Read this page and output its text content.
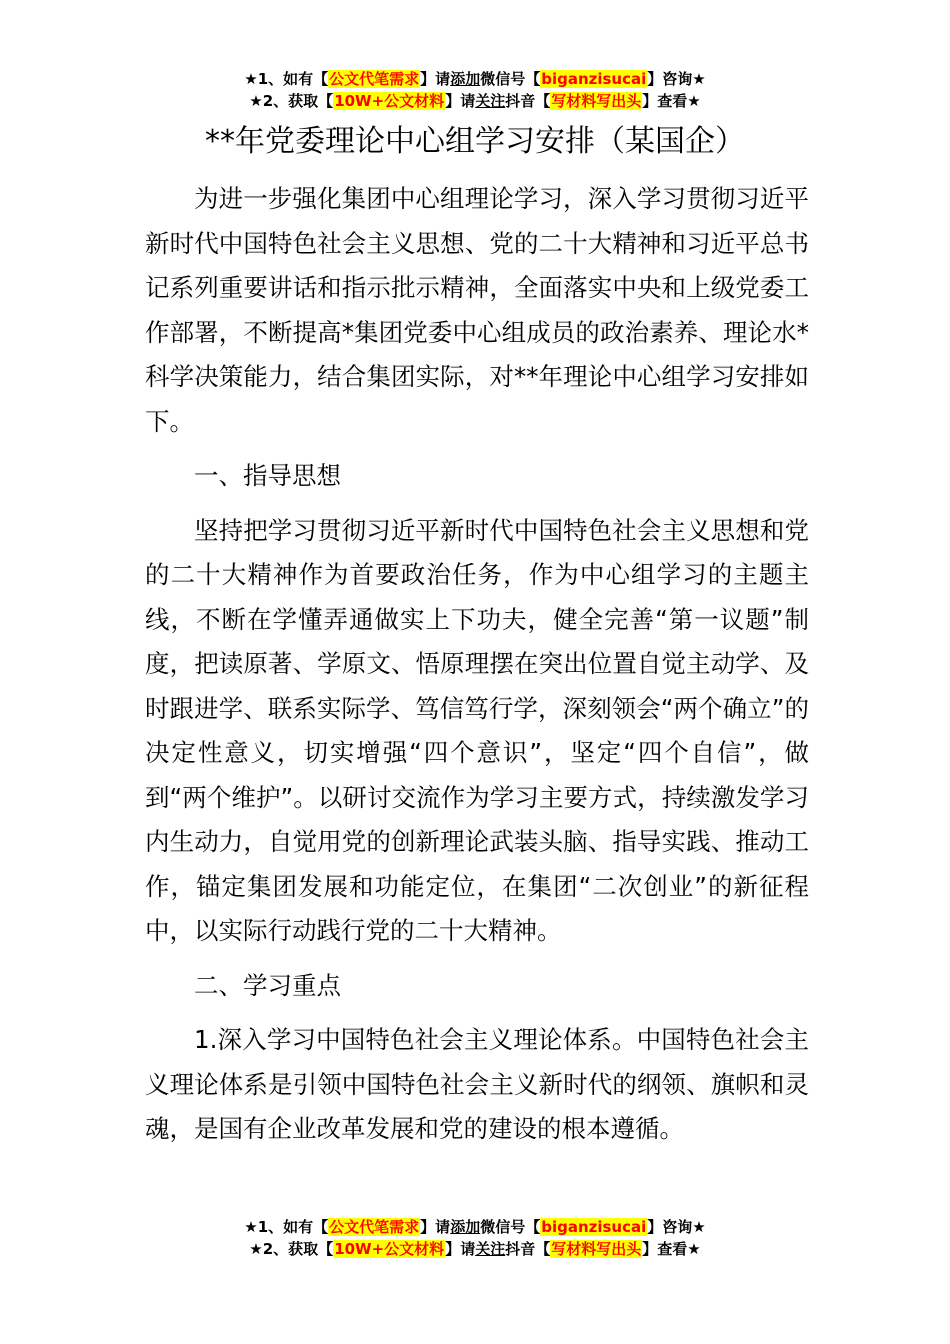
★1、如有【公文代笔需求】请添加微信号【biganzisucai】咨询★
★2、获取【10W+公文材料】请关注抖音【写材料写出头】查看★
**年党委理论中心组学习安排（某国企）

为进一步强化集团中心组理论学习，深入学习贯彻习近平新时代中国特色社会主义思想、党的二十大精神和习近平总书记系列重要讲话和指示批示精神，全面落实中央和上级党委工作部署，不断提高*集团党委中心组成员的政治素养、理论水*科学决策能力，结合集团实际，对**年理论中心组学习安排如下。

一、指导思想

坚持把学习贯彻习近平新时代中国特色社会主义思想和党的二十大精神作为首要政治任务，作为中心组学习的主题主线，不断在学懂弄通做实上下功夫，健全完善“第一议题”制度，把读原著、学原文、悟原理摆在突出位置自觉主动学、及时跟进学、联系实际学、笃信笃行学，深刻领会“两个确立”的决定性意义，切实增强“四个意识”，坚定“四个自信”，做到“两个维护”。以研讨交流作为学习主要方式，持续激发学习内生动力，自觉用党的创新理论武装头脑、指导实践、推动工作，锚定集团发展和功能定位，在集团“二次创业”的新征程中，以实际行动践行党的二十大精神。

二、学习重点

1.深入学习中国特色社会主义理论体系。中国特色社会主义理论体系是引领中国特色社会主义新时代的纲领、旗帜和灵魂，是国有企业改革发展和党的建设的根本遵循。

★1、如有【公文代笔需求】请添加微信号【biganzisucai】咨询★
★2、获取【10W+公文材料】请关注抖音【写材料写出头】查看★
